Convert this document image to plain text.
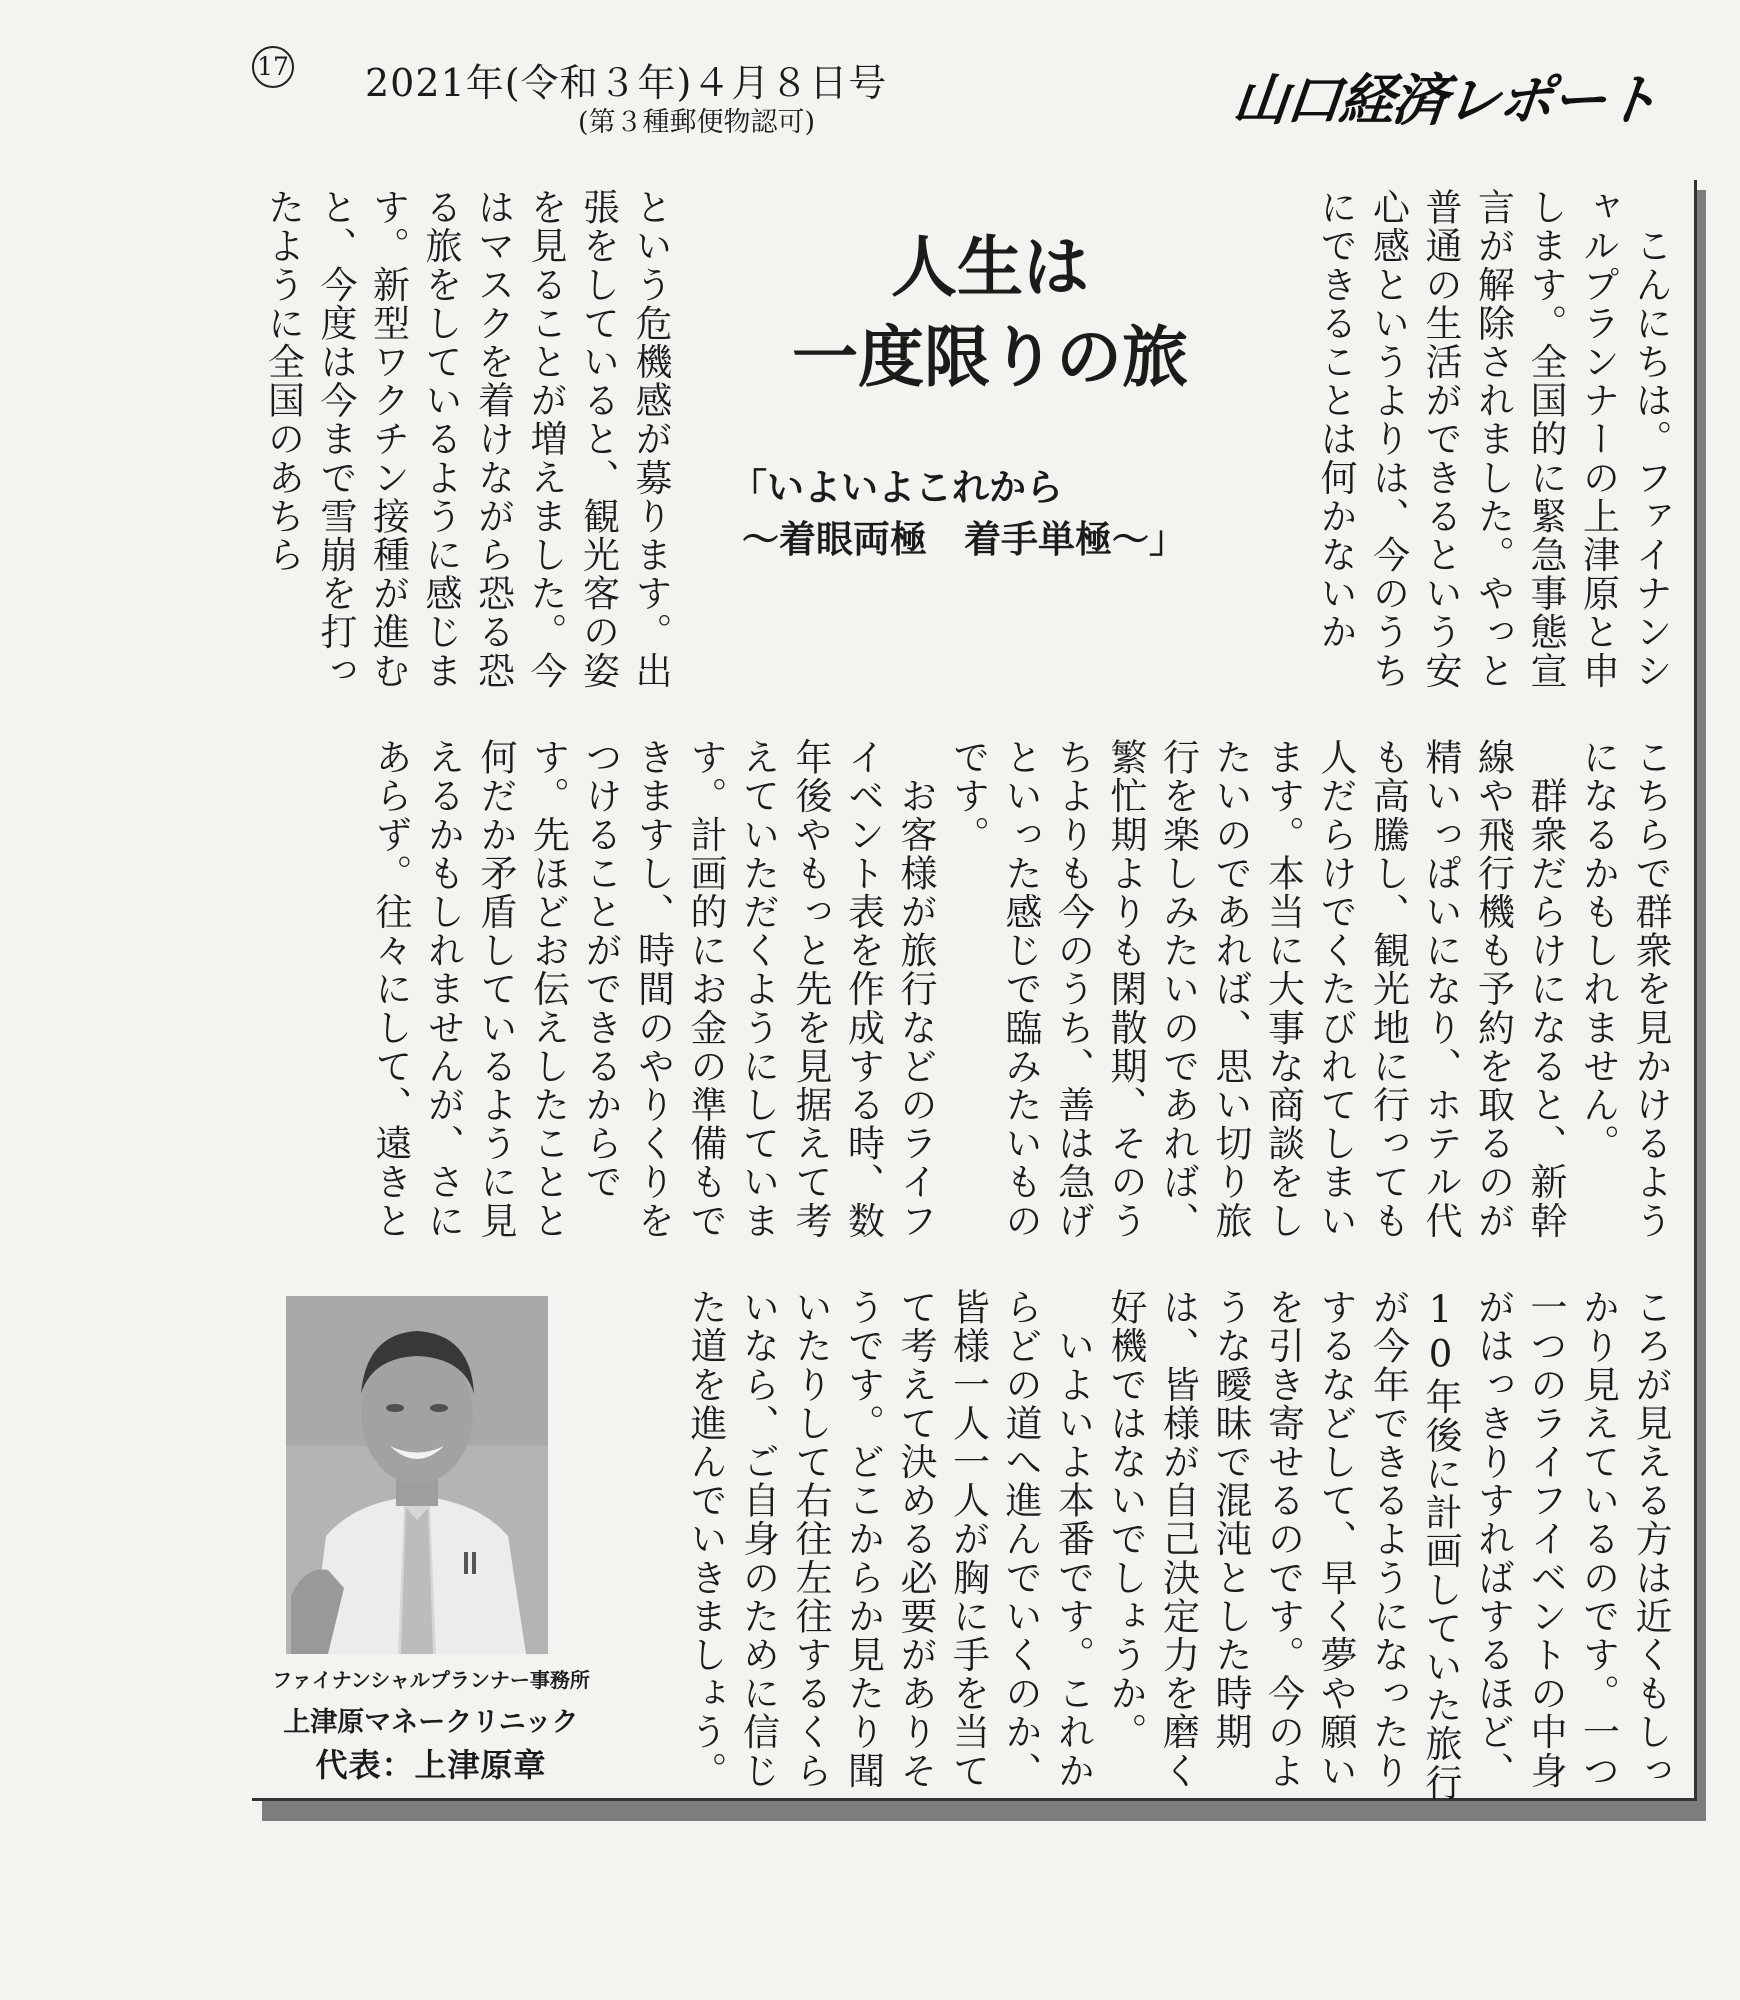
17 2021年(令和３年)４月８日号
(第３種郵便物認可)	山口経済レポート

　こんにちは。ファイナンシャルプランナーの上津原と申します。全国的に緊急事態宣言が解除されました。やっと普通の生活ができるという安心感というよりは、今のうちにできることは何かないか

という危機感が募ります。出張をしていると、観光客の姿を見ることが増えました。今はマスクを着けながら恐る恐る旅をしているように感じます。新型ワクチン接種が進むと、今度は今まで雪崩を打ったように全国のあちら	人生は
一度限りの旅
「いよいよこれから
～着眼両極　着手単極～」

こちらで群衆を見かけるようになるかもしれません。
　群衆だらけになると、新幹線や飛行機も予約を取るのが精いっぱいになり、ホテル代も高騰し、観光地に行っても人だらけでくたびれてしまいます。本当に大事な商談をしたいのであれば、思い切り旅行を楽しみたいのであれば、繁忙期よりも閑散期、そのうちよりも今のうち、善は急げといった感じで臨みたいものです。
　お客様が旅行などのライフイベント表を作成する時、数年後やもっと先を見据えて考えていただくようにしています。計画的にお金の準備もできますし、時間のやりくりをつけることができるからです。先ほどお伝えしたことと何だか矛盾しているように見えるかもしれませんが、さにあらず。往々にして、遠きと

ころが見える方は近くもしっかり見えているのです。一つ一つのライフイベントの中身がはっきりすればするほど、10年後に計画していた旅行が今年できるようになったりするなどして、早く夢や願いを引き寄せるのです。今のような曖昧で混沌とした時期は、皆様が自己決定力を磨く好機ではないでしょうか。
　いよいよ本番です。これからどの道へ進んでいくのか、皆様一人一人が胸に手を当てて考えて決める必要がありそうです。どこからか見たり聞いたりして右往左往するくらいなら、ご自身のために信じた道を進んでいきましょう。

ファイナンシャルプランナー事務所
上津原マネークリニック
代表：上津原章
